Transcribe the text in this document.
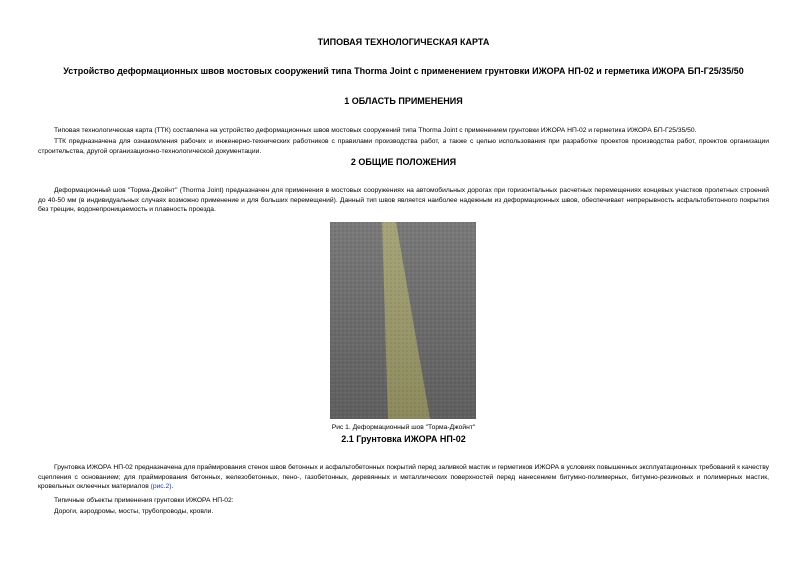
ТИПОВАЯ ТЕХНОЛОГИЧЕСКАЯ КАРТА
Устройство деформационных швов мостовых сооружений типа Thorma Joint с применением грунтовки ИЖОРА НП-02 и герметика ИЖОРА БП-Г25/35/50
1 ОБЛАСТЬ ПРИМЕНЕНИЯ
Типовая технологическая карта (ТТК) составлена на устройство деформационных швов мостовых сооружений типа Thorma Joint с применением грунтовки ИЖОРА НП-02 и герметика ИЖОРА БП-Г25/35/50.
ТТК предназначена для ознакомления рабочих и инженерно-технических работников с правилами производства работ, а также с целью использования при разработке проектов производства работ, проектов организации строительства, другой организационно-технологической документации.
2 ОБЩИЕ ПОЛОЖЕНИЯ
Деформационный шов "Торма-Джойнт" (Thorma Joint) предназначен для применения в мостовых сооружениях на автомобильных дорогах при горизонтальных расчетных перемещениях концевых участков пролетных строений до 40-50 мм (в индивидуальных случаях возможно применение и для больших перемещений). Данный тип швов является наиболее надежным из деформационных швов, обеспечивает непрерывность асфальтобетонного покрытия без трещин, водонепроницаемость и плавность проезда.
Рис 1. Деформационный шов "Торма-Джойнт"
2.1 Грунтовка ИЖОРА НП-02
Грунтовка ИЖОРА НП-02 предназначена для праймирования стенок швов бетонных и асфальтобетонных покрытий перед заливкой мастик и герметиков ИЖОРА в условиях повышенных эксплуатационных требований к качеству сцепления с основанием; для праймирования бетонных, железобетонных, пено-, газобетонных, деревянных и металлических поверхностей перед нанесением битумно-полимерных, битумно-резиновых и полимерных мастик, кровельных оклеечных материалов (рис.2).
Типичные объекты применения грунтовки ИЖОРА НП-02:
Дороги, аэродромы, мосты, трубопроводы, кровли.
